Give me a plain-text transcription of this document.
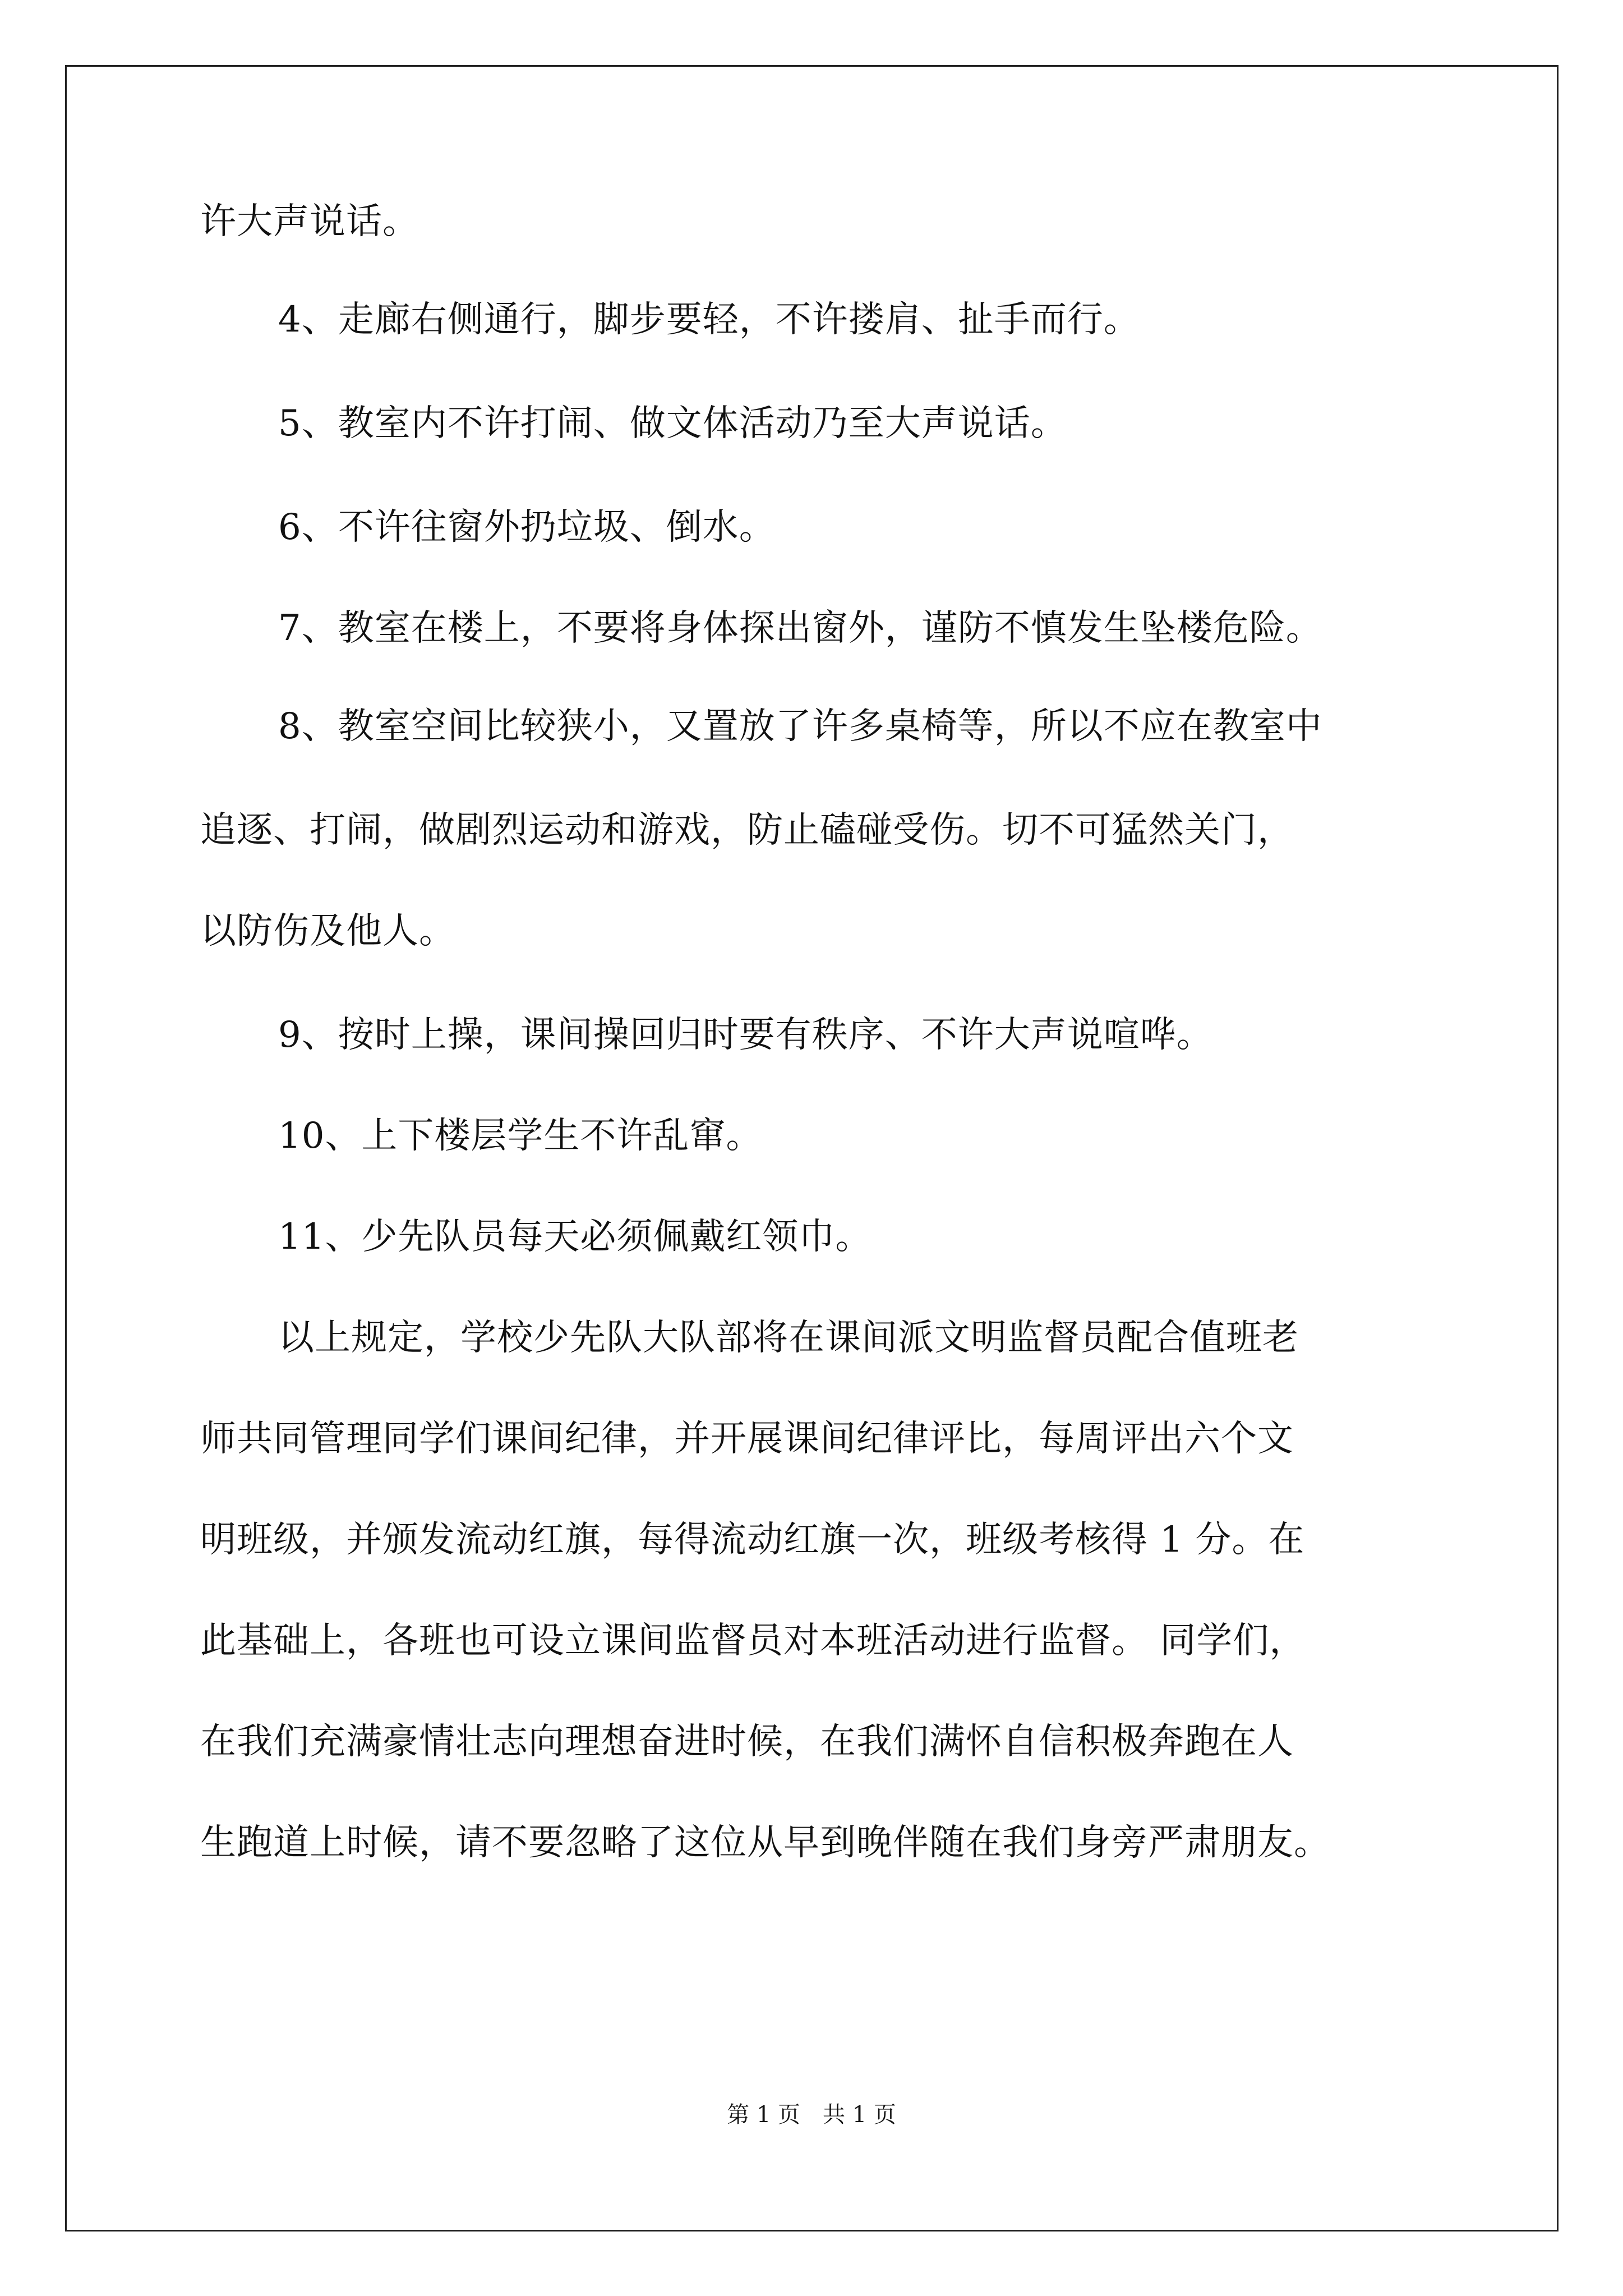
许大声说话。
4、走廊右侧通行，脚步要轻，不许搂肩、扯手而行。
5、教室内不许打闹、做文体活动乃至大声说话。
6、不许往窗外扔垃圾、倒水。
7、教室在楼上，不要将身体探出窗外，谨防不慎发生坠楼危险。
8、教室空间比较狭小，又置放了许多桌椅等，所以不应在教室中
追逐、打闹，做剧烈运动和游戏，防止磕碰受伤。切不可猛然关门，
以防伤及他人。
9、按时上操，课间操回归时要有秩序、不许大声说喧哗。
10、上下楼层学生不许乱窜。
11、少先队员每天必须佩戴红领巾。
以上规定，学校少先队大队部将在课间派文明监督员配合值班老
师共同管理同学们课间纪律，并开展课间纪律评比，每周评出六个文
明班级，并颁发流动红旗，每得流动红旗一次，班级考核得 1 分。在
此基础上，各班也可设立课间监督员对本班活动进行监督。 同学们，
在我们充满豪情壮志向理想奋进时候，在我们满怀自信积极奔跑在人
生跑道上时候，请不要忽略了这位从早到晚伴随在我们身旁严肃朋友。
第 1 页　共 1 页
